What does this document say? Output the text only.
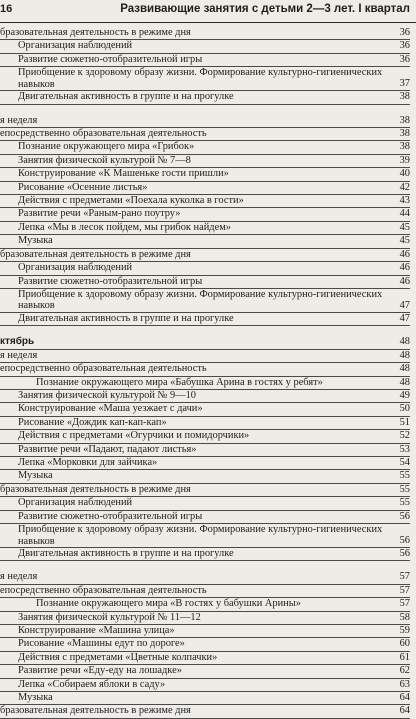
16	Развивающие занятия с детьми 2—3 лет. I квартал
бразовательная деятельность в режиме дня	36
Организация наблюдений	36
Развитие сюжетно-отобразительной игры	36
Приобщение к здоровому образу жизни. Формирование культурно-гигиенических навыков	37
Двигательная активность в группе и на прогулке	38
я неделя	38
епосредственно образовательная деятельность	38
Познание окружающего мира «Грибок»	38
Занятия физической культурой № 7—8	39
Конструирование «К Машеньке гости пришли»	40
Рисование «Осенние листья»	42
Действия с предметами «Поехала куколка в гости»	43
Развитие речи «Раным-рано поутру»	44
Лепка «Мы в лесок пойдем, мы грибок найдем»	45
Музыка	45
бразовательная деятельность в режиме дня	46
Организация наблюдений	46
Развитие сюжетно-отобразительной игры	46
Приобщение к здоровому образу жизни. Формирование культурно-гигиенических навыков	47
Двигательная активность в группе и на прогулке	47
ктябрь	48
я неделя	48
епосредственно образовательная деятельность	48
Познание окружающего мира «Бабушка Арина в гостях у ребят»	48
Занятия физической культурой № 9—10	49
Конструирование «Маша уезжает с дачи»	50
Рисование «Дождик кап-кап-кап»	51
Действия с предметами «Огурчики и помидорчики»	52
Развитие речи «Падают, падают листья»	53
Лепка «Морковки для зайчика»	54
Музыка	55
бразовательная деятельность в режиме дня	55
Организация наблюдений	55
Развитие сюжетно-отобразительной игры	56
Приобщение к здоровому образу жизни. Формирование культурно-гигиенических навыков	56
Двигательная активность в группе и на прогулке	56
я неделя	57
епосредственно образовательная деятельность	57
Познание окружающего мира «В гостях у бабушки Арины»	57
Занятия физической культурой № 11—12	58
Конструирование «Машина улица»	59
Рисование «Машины едут по дороге»	60
Действия с предметами «Цветные колпачки»	61
Развитие речи «Еду-еду на лошадке»	62
Лепка «Собираем яблоки в саду»	63
Музыка	64
бразовательная деятельность в режиме дня	64
